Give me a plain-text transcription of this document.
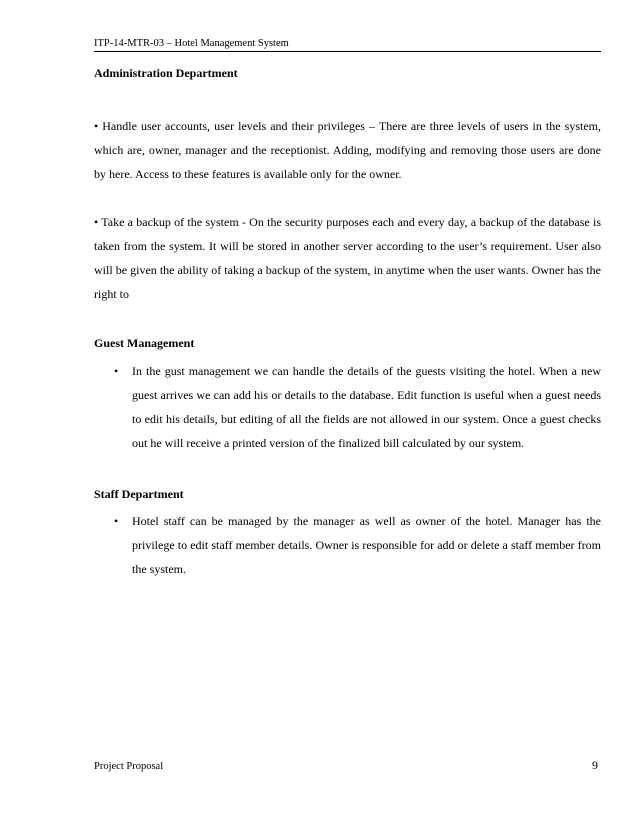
ITP-14-MTR-03 – Hotel Management System
Administration Department
• Handle user accounts, user levels and their privileges – There are three levels of users in the system, which are, owner, manager and the receptionist. Adding, modifying and removing those users are done by here. Access to these features is available only for the owner.
• Take a backup of the system - On the security purposes each and every day, a backup of the database is taken from the system. It will be stored in another server according to the user’s requirement. User also will be given the ability of taking a backup of the system, in anytime when the user wants. Owner has the right to
Guest Management
• In the gust management we can handle the details of the guests visiting the hotel. When a new guest arrives we can add his or details to the database. Edit function is useful when a guest needs to edit his details, but editing of all the fields are not allowed in our system. Once a guest checks out he will receive a printed version of the finalized bill calculated by our system.
Staff Department
• Hotel staff can be managed by the manager as well as owner of the hotel. Manager has the privilege to edit staff member details. Owner is responsible for add or delete a staff member from the system.
Project Proposal	9
